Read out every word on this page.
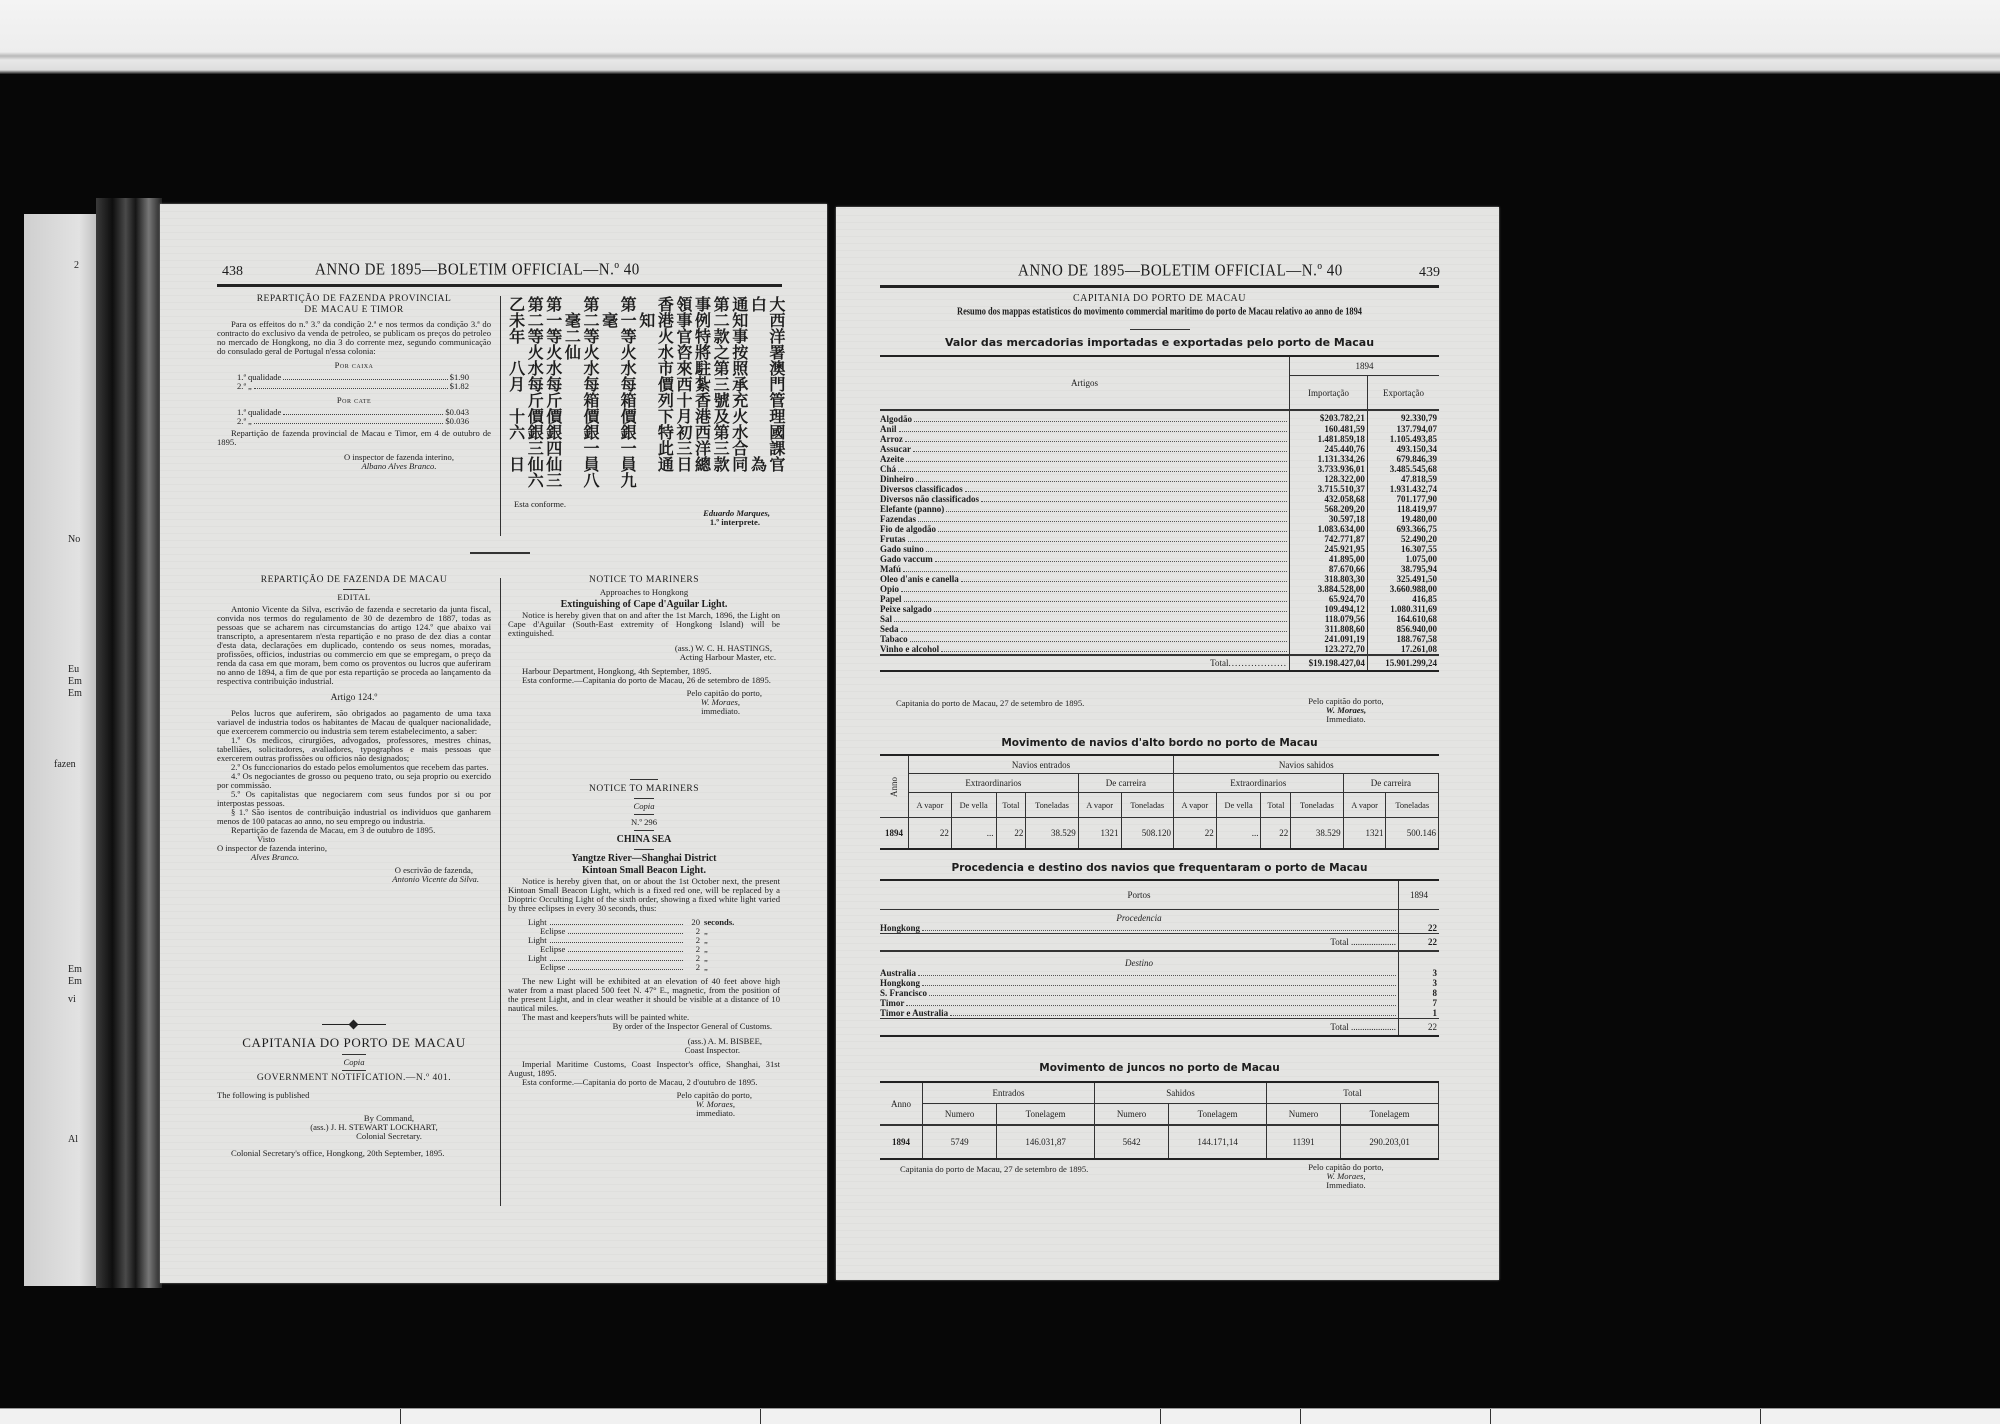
2
No
Eu
Em
Em
fazen
Em
Em
vi
Al
438	ANNO DE 1895—BOLETIM OFFICIAL—N.º 40
REPARTIÇÃO DE FAZENDA PROVINCIAL
DE MACAU E TIMOR

Para os effeitos do n.º 3.º da condição 2.ª e nos termos da condição 3.ª do contracto do exclusivo da venda de petroleo, se publicam os preços do petroleo no mercado de Hongkong, no dia 3 do corrente mez, segundo communicação do consulado geral de Portugal n'essa colonia:

Por caixa
1.ª qualidade	$1.90
2.ª „	$1.82
Por cate
1.ª qualidade	$0.043
2.ª „	$0.036

Repartição de fazenda provincial de Macau e Timor, em 4 de outubro de 1895.

O inspector de fazenda interino,
Albano Alves Branco.	大西洋署澳門管理國課官
白　　　　　　　　　為
通知事按照承充火水合同
第二款之第三號及第三款
事例特將駐紮香港西洋總
領事官咨來西十月初三日
香港火水市價列下特此通
　知
第一等火水每箱價銀一員九
　毫
第二等火水每箱價銀一員八
　毫二仙
第一等火水每斤價銀四仙三
第二等火水每斤價銀三仙六
乙未年　八月　十六　日
Esta conforme.
Eduardo Marques,
1.º interprete.
REPARTIÇÃO DE FAZENDA DE MACAU
EDITAL

Antonio Vicente da Silva, escrivão de fazenda e secretario da junta fiscal, convida nos termos do regulamento de 30 de dezembro de 1887, todas as pessoas que se acharem nas circumstancias do artigo 124.º que abaixo vai transcripto, a apresentarem n'esta repartição e no praso de dez dias a contar d'esta data, declarações em duplicado, contendo os seus nomes, moradas, profissões, officios, industrias ou commercio em que se empregam, o preço da renda da casa em que moram, bem como os proventos ou lucros que auferiram no anno de 1894, a fim de que por esta repartição se proceda ao lançamento da respectiva contribuição industrial.

Artigo 124.º

Pelos lucros que auferirem, são obrigados ao pagamento de uma taxa variavel de industria todos os habitantes de Macau de qualquer nacionalidade, que exercerem commercio ou industria sem terem estabelecimento, a saber:

1.º Os medicos, cirurgiões, advogados, professores, mestres chinas, tabelliães, solicitadores, avaliadores, typographos e mais pessoas que exercerem outras profissões ou officios não designados;

2.º Os funccionarios do estado pelos emolumentos que recebem das partes.

4.º Os negociantes de grosso ou pequeno trato, ou seja proprio ou exercido por commissão.

5.º Os capitalistas que negociarem com seus fundos por si ou por interpostas pessoas.

§ 1.º São isentos de contribuição industrial os individuos que ganharem menos de 100 patacas ao anno, no seu emprego ou industria.

Repartição de fazenda de Macau, em 3 de outubro de 1895.

Visto
O inspector de fazenda interino,
Alves Branco.
O escrivão de fazenda,
Antonio Vicente da Silva.
CAPITANIA DO PORTO DE MACAU
Copia
GOVERNMENT NOTIFICATION.—N.º 401.
The following is published
By Command,
(ass.) J. H. STEWART LOCKHART,
Colonial Secretary.

Colonial Secretary's office, Hongkong, 20th September, 1895.

NOTICE TO MARINERS
Approaches to Hongkong
Extinguishing of Cape d'Aguilar Light.

Notice is hereby given that on and after the 1st March, 1896, the Light on Cape d'Aguilar (South-East extremity of Hongkong Island) will be extinguished.

(ass.) W. C. H. HASTINGS,
Acting Harbour Master, etc.

Harbour Department, Hongkong, 4th September, 1895.

Esta conforme.—Capitania do porto de Macau, 26 de setembro de 1895.

Pelo capitão do porto,
W. Moraes,
immediato.
NOTICE TO MARINERS
Copia
N.º 296
CHINA SEA
Yangtze River—Shanghai District
Kintoan Small Beacon Light.

Notice is hereby given that, on or about the 1st October next, the present Kintoan Small Beacon Light, which is a fixed red one, will be replaced by a Dioptric Occulting Light of the sixth order, showing a fixed white light varied by three eclipses in every 30 seconds, thus:

Light	20 seconds.
Eclipse	2 „
Light	2 „
Eclipse	2 „
Light	2 „
Eclipse	2 „

The new Light will be exhibited at an elevation of 40 feet above high water from a mast placed 500 feet N. 47° E., magnetic, from the position of the present Light, and in clear weather it should be visible at a distance of 10 nautical miles.

The mast and keepers'huts will be painted white.

By order of the Inspector General of Customs.
(ass.) A. M. BISBEE,
Coast Inspector.

Imperial Maritime Customs, Coast Inspector's office, Shanghai, 31st August, 1895.

Esta conforme.—Capitania do porto de Macau, 2 d'outubro de 1895.

Pelo capitão do porto,
W. Moraes,
immediato.
ANNO DE 1895—BOLETIM OFFICIAL—N.º 40	439
CAPITANIA DO PORTO DE MACAU
Resumo dos mappas estatisticos do movimento commercial maritimo do porto de Macau relativo ao anno de 1894
Valor das mercadorias importadas e exportadas pelo porto de Macau
Artigos	1894	
	Importação	Exportação

Algodão	$203.782,21	92.330,79

Anil	160.481,59	137.794,07

Arroz	1.481.859,18	1.105.493,85

Assucar	245.440,76	493.150,34

Azeite	1.131.334,26	679.846,39

Chá	3.733.936,01	3.485.545,68

Dinheiro	128.322,00	47.818,59

Diversos classificados	3.715.510,37	1.931.432,74

Diversos não classificados	432.058,68	701.177,90

Elefante (panno)	568.209,20	118.419,97

Fazendas	30.597,18	19.480,00

Fio de algodão	1.083.634,00	693.366,75

Frutas	742.771,87	52.490,20

Gado suino	245.921,95	16.307,55

Gado vaccum	41.895,00	1.075,00

Mafú	87.670,66	38.795,94

Oleo d'anis e canella	318.803,30	325.491,50

Opio	3.884.528,00	3.660.988,00

Papel	65.924,70	416,85

Peixe salgado	109.494,12	1.080.311,69

Sal	118.079,56	164.610,68

Seda	311.808,60	856.940,00

Tabaco	241.091,19	188.767,58

Vinho e alcohol	123.272,70	17.261,08
Total..................	$19.198.427,04	15.901.299,24
Capitania do porto de Macau, 27 de setembro de 1895.	Pelo capitão do porto,
W. Moraes,
Immediato.
Movimento de navios d'alto bordo no porto de Macau
Anno	Navios entrados						Navios sahidos					
	Extraordinarios				De carreira		Extraordinarios				De carreira	
	A vapor	De vella	Total	Toneladas	A vapor	Toneladas	A vapor	De vella	Total	Toneladas	A vapor	Toneladas
1894	22	...	22	38.529	1321	508.120	22	...	22	38.529	1321	500.146
Procedencia e destino dos navios que frequentaram o porto de Macau
Portos	1894
Procedencia	

Hongkong	22
Total ....................	22
Destino	

Australia	3

Hongkong	3

S. Francisco	8

Timor	7

Timor e Australia	1
Total ....................	22
Movimento de juncos no porto de Macau
Anno	Entrados		Sahidos		Total	
	Numero	Tonelagem	Numero	Tonelagem	Numero	Tonelagem
1894	5749	146.031,87	5642	144.171,14	11391	290.203,01
Capitania do porto de Macau, 27 de setembro de 1895.	Pelo capitão do porto,
W. Moraes,
Immediato.
